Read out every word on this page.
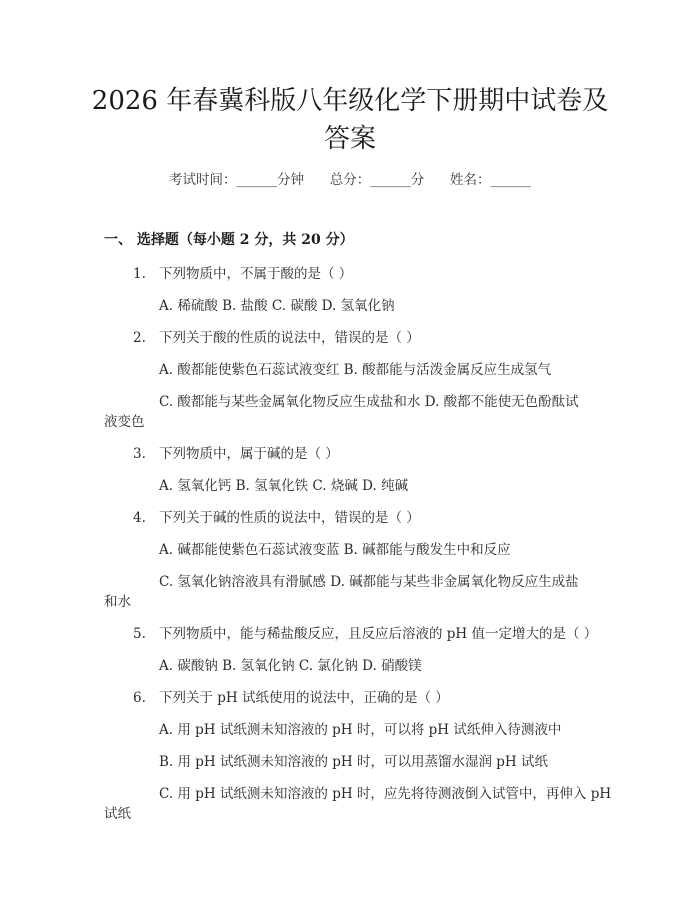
2026 年春冀科版八年级化学下册期中试卷及
答案
考试时间：______分钟      总分：______分      姓名：______
一、 选择题（每小题 2 分，共 20 分）
1. 下列物质中，不属于酸的是（ ）
A. 稀硫酸 B. 盐酸 C. 碳酸 D. 氢氧化钠
2. 下列关于酸的性质的说法中，错误的是（ ）
A. 酸都能使紫色石蕊试液变红 B. 酸都能与活泼金属反应生成氢气
C. 酸都能与某些金属氧化物反应生成盐和水 D. 酸都不能使无色酚酞试
液变色
3. 下列物质中，属于碱的是（ ）
A. 氢氧化钙 B. 氢氧化铁 C. 烧碱 D. 纯碱
4. 下列关于碱的性质的说法中，错误的是（ ）
A. 碱都能使紫色石蕊试液变蓝 B. 碱都能与酸发生中和反应
C. 氢氧化钠溶液具有滑腻感 D. 碱都能与某些非金属氧化物反应生成盐
和水
5. 下列物质中，能与稀盐酸反应，且反应后溶液的 pH 值一定增大的是（ ）
A. 碳酸钠 B. 氢氧化钠 C. 氯化钠 D. 硝酸镁
6. 下列关于 pH 试纸使用的说法中，正确的是（ ）
A. 用 pH 试纸测未知溶液的 pH 时，可以将 pH 试纸伸入待测液中
B. 用 pH 试纸测未知溶液的 pH 时，可以用蒸馏水湿润 pH 试纸
C. 用 pH 试纸测未知溶液的 pH 时，应先将待测液倒入试管中，再伸入 pH
试纸
